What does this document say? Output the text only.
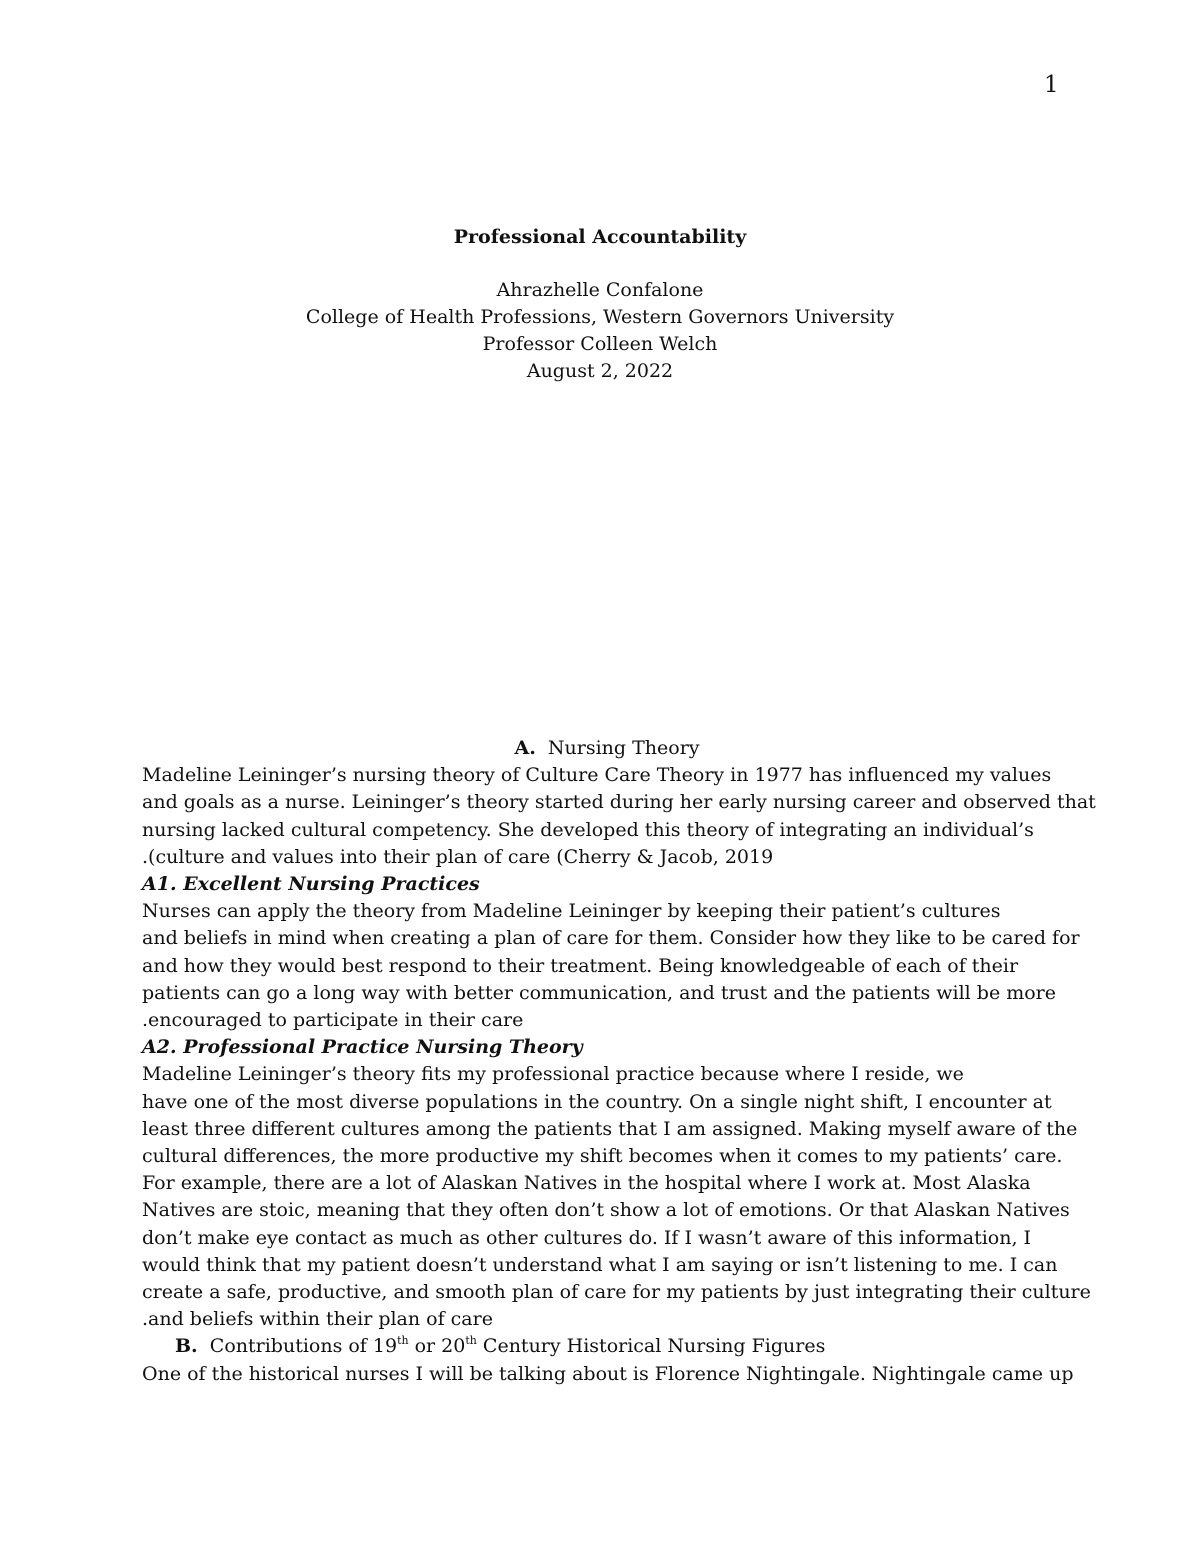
1
Professional Accountability
Ahrazhelle Confalone
College of Health Professions, Western Governors University
Professor Colleen Welch
August 2, 2022
A. Nursing Theory
Madeline Leininger’s nursing theory of Culture Care Theory in 1977 has influenced my values
and goals as a nurse. Leininger’s theory started during her early nursing career and observed that
nursing lacked cultural competency. She developed this theory of integrating an individual’s
.(culture and values into their plan of care (Cherry & Jacob, 2019
A1. Excellent Nursing Practices
Nurses can apply the theory from Madeline Leininger by keeping their patient’s cultures
and beliefs in mind when creating a plan of care for them. Consider how they like to be cared for
and how they would best respond to their treatment. Being knowledgeable of each of their
patients can go a long way with better communication, and trust and the patients will be more
.encouraged to participate in their care
A2. Professional Practice Nursing Theory
Madeline Leininger’s theory fits my professional practice because where I reside, we
have one of the most diverse populations in the country. On a single night shift, I encounter at
least three different cultures among the patients that I am assigned. Making myself aware of the
cultural differences, the more productive my shift becomes when it comes to my patients’ care.
For example, there are a lot of Alaskan Natives in the hospital where I work at. Most Alaska
Natives are stoic, meaning that they often don’t show a lot of emotions. Or that Alaskan Natives
don’t make eye contact as much as other cultures do. If I wasn’t aware of this information, I
would think that my patient doesn’t understand what I am saying or isn’t listening to me. I can
create a safe, productive, and smooth plan of care for my patients by just integrating their culture
.and beliefs within their plan of care
B. Contributions of 19th or 20th Century Historical Nursing Figures
One of the historical nurses I will be talking about is Florence Nightingale. Nightingale came up
